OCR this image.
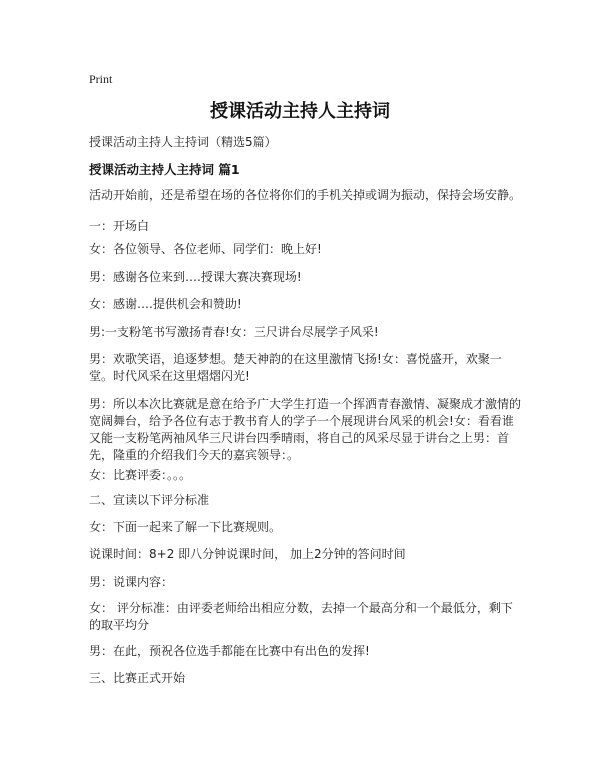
Print
授课活动主持人主持词
授课活动主持人主持词（精选5篇）
授课活动主持人主持词 篇1
活动开始前，还是希望在场的各位将你们的手机关掉或调为振动，保持会场安静。
一：开场白
女：各位领导、各位老师、同学们：晚上好!
男：感谢各位来到….授课大赛决赛现场!
女：感谢….提供机会和赞助!
男:一支粉笔书写激扬青春!女：三尺讲台尽展学子风采!
男：欢歌笑语，追逐梦想。楚天神韵的在这里激情飞扬!女：喜悦盛开，欢聚一堂。时代风采在这里熠熠闪光!
男：所以本次比赛就是意在给予广大学生打造一个挥洒青春激情、凝聚成才激情的宽阔舞台，给予各位有志于教书育人的学子一个展现讲台风采的机会!女：看看谁又能一支粉笔两袖风华三尺讲台四季晴雨，将自己的风采尽显于讲台之上男：首先，隆重的介绍我们今天的嘉宾领导：。
女：比赛评委：。。。
二、宣读以下评分标准
女：下面一起来了解一下比赛规则。
说课时间：8+2 即八分钟说课时间， 加上2分钟的答问时间
男：说课内容：
女： 评分标准：由评委老师给出相应分数，去掉一个最高分和一个最低分，剩下的取平均分
男：在此，预祝各位选手都能在比赛中有出色的发挥!
三、比赛正式开始
